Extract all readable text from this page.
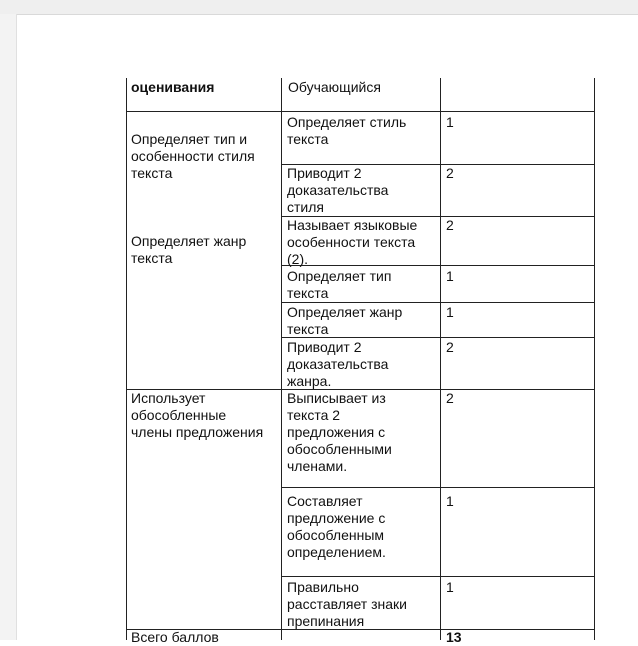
оценивания	Обучающийся
Определяет тип и
особенности стиля
текста
Определяет жанр
текста
Определяет стиль
текста
1
Приводит 2
доказательства
стиля
2
Называет языковые
особенности текста
(2).
2
Определяет тип
текста
1
Определяет жанр
текста
1
Приводит 2
доказательства
жанра.
2
Использует
обособленные
члены предложения
Выписывает из
текста 2
предложения с
обособленными
членами.
2
Составляет
предложение с
обособленным
определением.
1
Правильно
расставляет знаки
препинания
1
Всего баллов	13
